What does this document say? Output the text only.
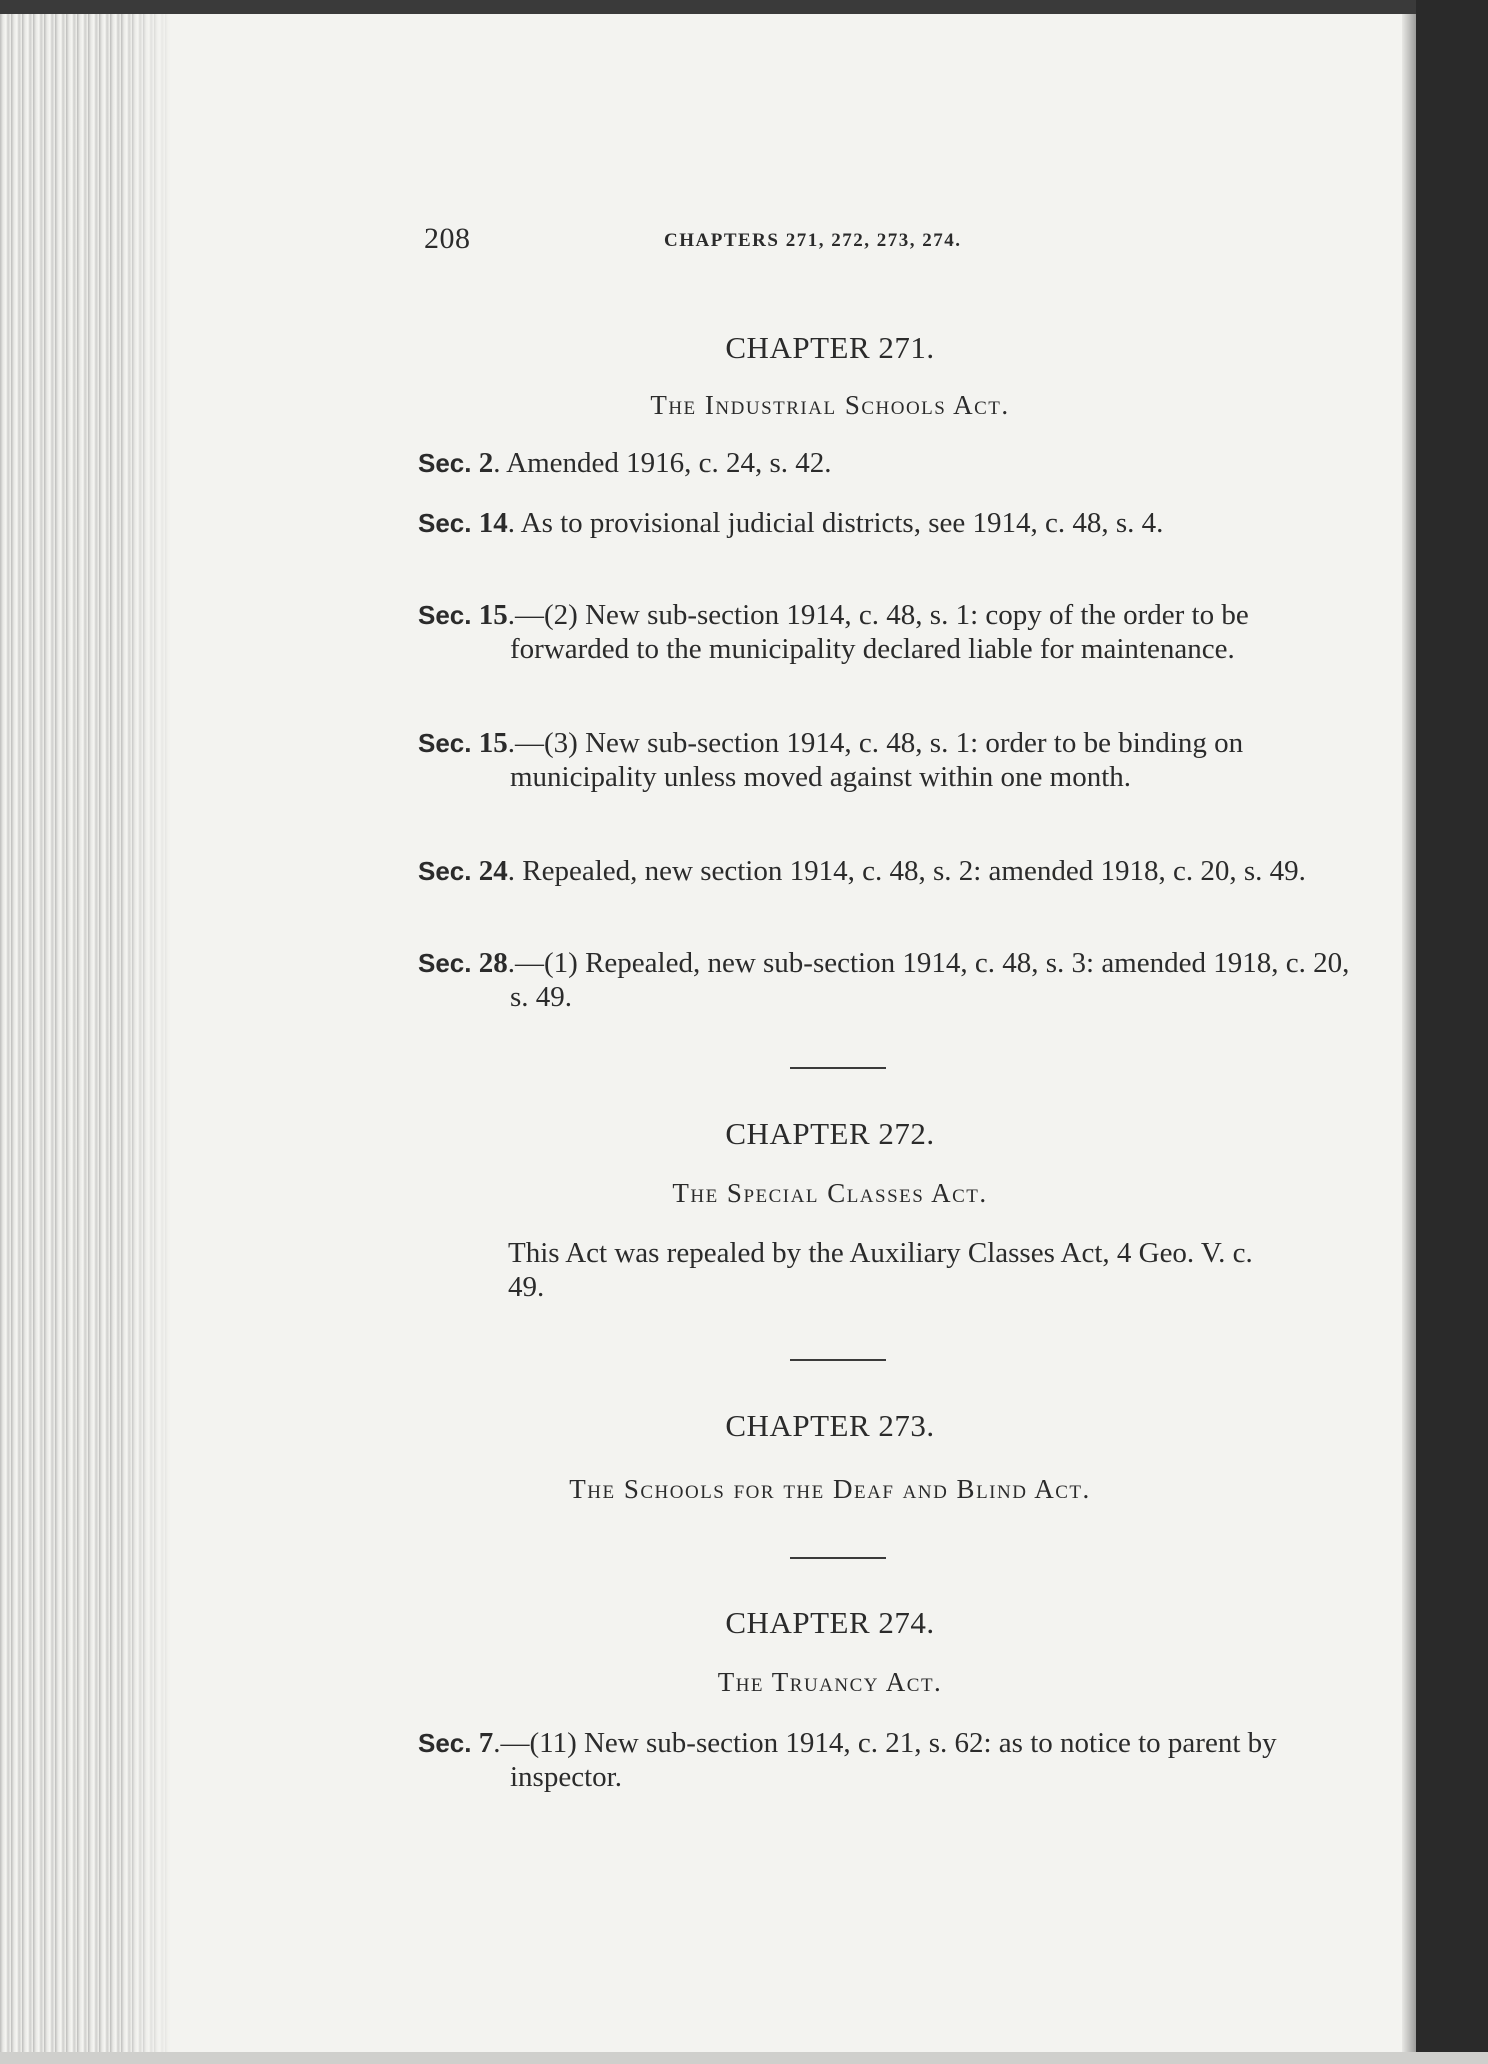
208	CHAPTERS 271, 272, 273, 274.
CHAPTER 271.
The Industrial Schools Act.
Sec. 2. Amended 1916, c. 24, s. 42.
Sec. 14. As to provisional judicial districts, see 1914, c. 48, s. 4.
Sec. 15.—(2) New sub-section 1914, c. 48, s. 1: copy of the order to be forwarded to the municipality declared liable for maintenance.
Sec. 15.—(3) New sub-section 1914, c. 48, s. 1: order to be binding on municipality unless moved against within one month.
Sec. 24. Repealed, new section 1914, c. 48, s. 2: amended 1918, c. 20, s. 49.
Sec. 28.—(1) Repealed, new sub-section 1914, c. 48, s. 3: amended 1918, c. 20, s. 49.
CHAPTER 272.
The Special Classes Act.
This Act was repealed by the Auxiliary Classes Act, 4 Geo. V. c. 49.
CHAPTER 273.
The Schools for the Deaf and Blind Act.
CHAPTER 274.
The Truancy Act.
Sec. 7.—(11) New sub-section 1914, c. 21, s. 62: as to notice to parent by inspector.
